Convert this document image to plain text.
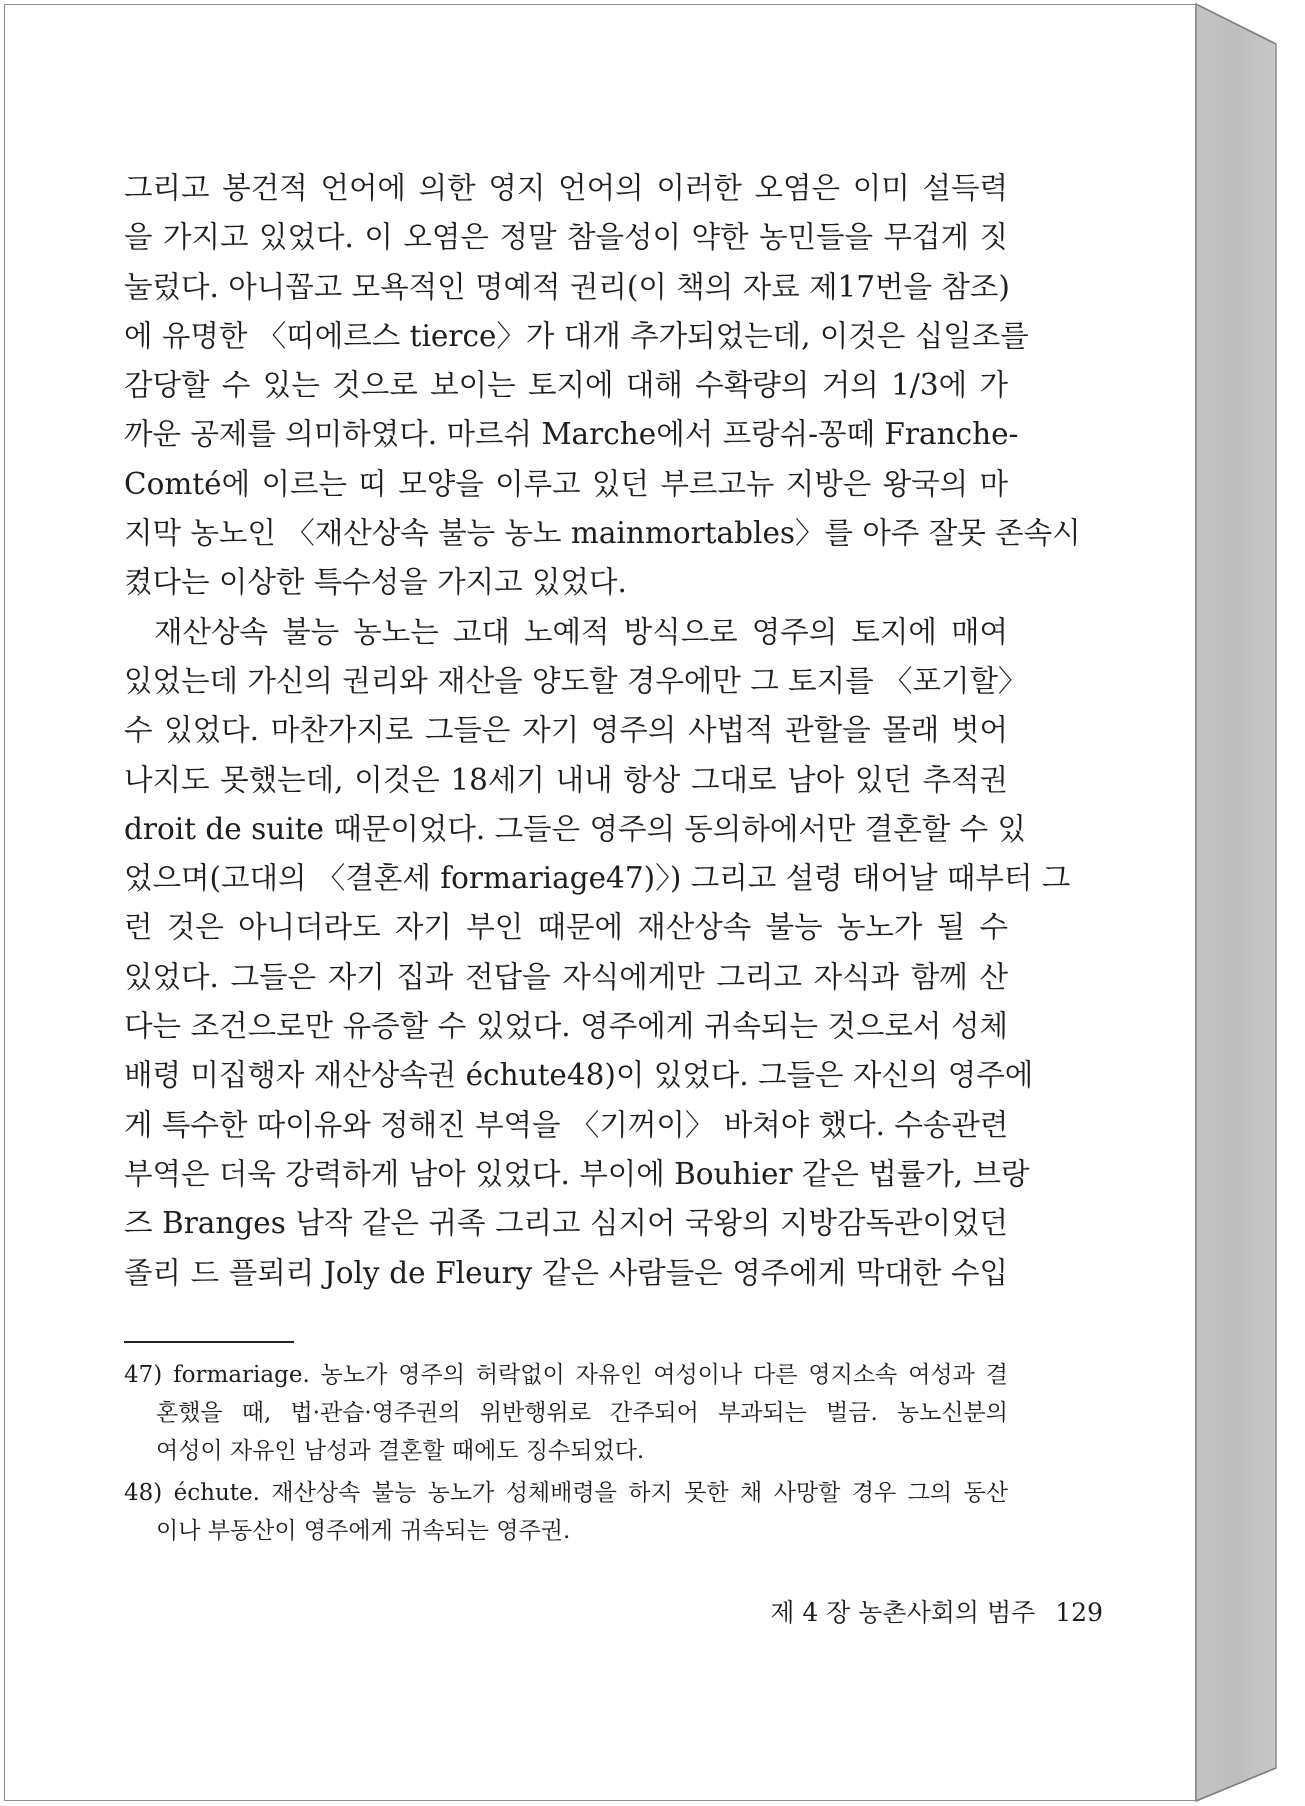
그리고 봉건적 언어에 의한 영지 언어의 이러한 오염은 이미 설득력
을 가지고 있었다. 이 오염은 정말 참을성이 약한 농민들을 무겁게 짓
눌렀다. 아니꼽고 모욕적인 명예적 권리(이 책의 자료 제17번을 참조)
에 유명한 〈띠에르스 tierce〉가 대개 추가되었는데, 이것은 십일조를
감당할 수 있는 것으로 보이는 토지에 대해 수확량의 거의 1/3에 가
까운 공제를 의미하였다. 마르쉬 Marche에서 프랑쉬-꽁떼 Franche-
Comté에 이르는 띠 모양을 이루고 있던 부르고뉴 지방은 왕국의 마
지막 농노인 〈재산상속 불능 농노 mainmortables〉를 아주 잘못 존속시
켰다는 이상한 특수성을 가지고 있었다.
재산상속 불능 농노는 고대 노예적 방식으로 영주의 토지에 매여
있었는데 가신의 권리와 재산을 양도할 경우에만 그 토지를 〈포기할〉
수 있었다. 마찬가지로 그들은 자기 영주의 사법적 관할을 몰래 벗어
나지도 못했는데, 이것은 18세기 내내 항상 그대로 남아 있던 추적권
droit de suite 때문이었다. 그들은 영주의 동의하에서만 결혼할 수 있
었으며(고대의 〈결혼세 formariage47)〉) 그리고 설령 태어날 때부터 그
런 것은 아니더라도 자기 부인 때문에 재산상속 불능 농노가 될 수
있었다. 그들은 자기 집과 전답을 자식에게만 그리고 자식과 함께 산
다는 조건으로만 유증할 수 있었다. 영주에게 귀속되는 것으로서 성체
배령 미집행자 재산상속권 échute48)이 있었다. 그들은 자신의 영주에
게 특수한 따이유와 정해진 부역을 〈기꺼이〉 바쳐야 했다. 수송관련
부역은 더욱 강력하게 남아 있었다. 부이에 Bouhier 같은 법률가, 브랑
즈 Branges 남작 같은 귀족 그리고 심지어 국왕의 지방감독관이었던
졸리 드 플뢰리 Joly de Fleury 같은 사람들은 영주에게 막대한 수입
47) formariage. 농노가 영주의 허락없이 자유인 여성이나 다른 영지소속 여성과 결
혼했을 때, 법·관습·영주권의 위반행위로 간주되어 부과되는 벌금. 농노신분의
여성이 자유인 남성과 결혼할 때에도 징수되었다.
48) échute. 재산상속 불능 농노가 성체배령을 하지 못한 채 사망할 경우 그의 동산
이나 부동산이 영주에게 귀속되는 영주권.
제 4 장 농촌사회의 범주 129
